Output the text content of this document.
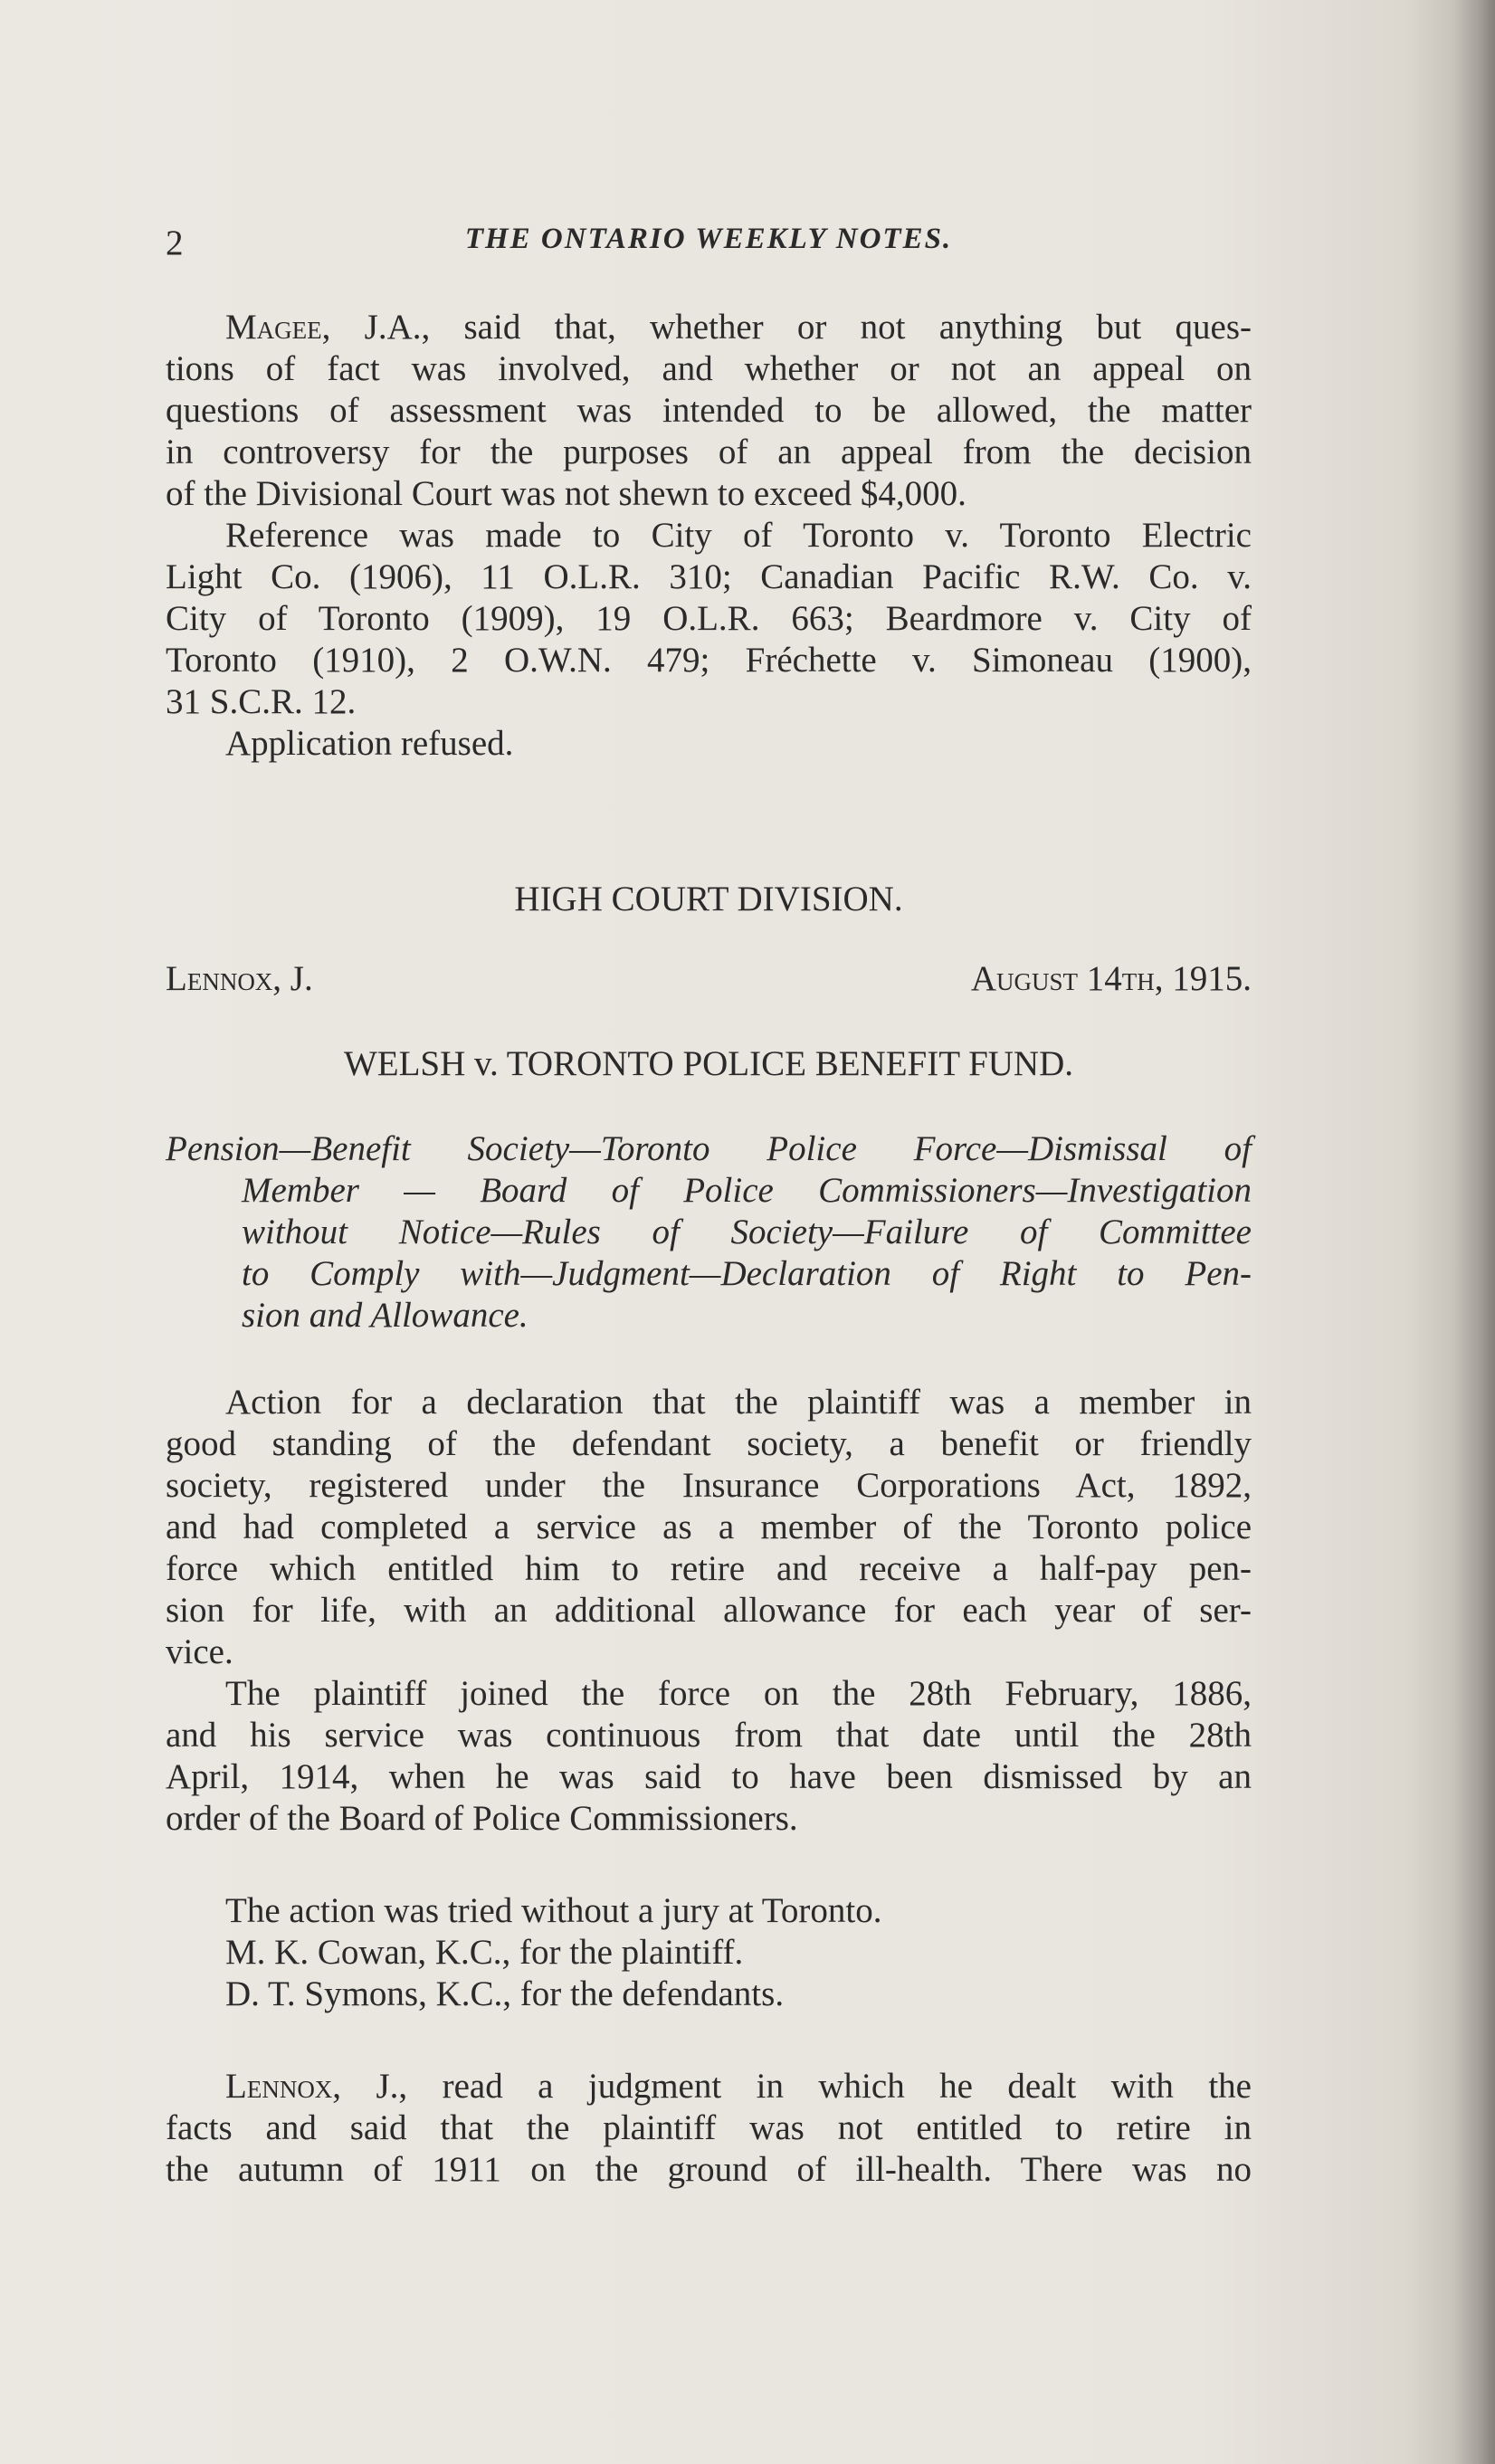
2	THE ONTARIO WEEKLY NOTES.
Magee, J.A., said that, whether or not anything but ques-
tions of fact was involved, and whether or not an appeal on
questions of assessment was intended to be allowed, the matter
in controversy for the purposes of an appeal from the decision
of the Divisional Court was not shewn to exceed $4,000.
Reference was made to City of Toronto v. Toronto Electric
Light Co. (1906), 11 O.L.R. 310; Canadian Pacific R.W. Co. v.
City of Toronto (1909), 19 O.L.R. 663; Beardmore v. City of
Toronto (1910), 2 O.W.N. 479; Fréchette v. Simoneau (1900),
31 S.C.R. 12.
Application refused.
HIGH COURT DIVISION.
Lennox, J.	August 14th, 1915.
WELSH v. TORONTO POLICE BENEFIT FUND.
Pension—Benefit Society—Toronto Police Force—Dismissal of
Member — Board of Police Commissioners—Investigation
without Notice—Rules of Society—Failure of Committee
to Comply with—Judgment—Declaration of Right to Pen-
sion and Allowance.
Action for a declaration that the plaintiff was a member in
good standing of the defendant society, a benefit or friendly
society, registered under the Insurance Corporations Act, 1892,
and had completed a service as a member of the Toronto police
force which entitled him to retire and receive a half-pay pen-
sion for life, with an additional allowance for each year of ser-
vice.
The plaintiff joined the force on the 28th February, 1886,
and his service was continuous from that date until the 28th
April, 1914, when he was said to have been dismissed by an
order of the Board of Police Commissioners.
The action was tried without a jury at Toronto.
M. K. Cowan, K.C., for the plaintiff.
D. T. Symons, K.C., for the defendants.
Lennox, J., read a judgment in which he dealt with the
facts and said that the plaintiff was not entitled to retire in
the autumn of 1911 on the ground of ill-health. There was no
